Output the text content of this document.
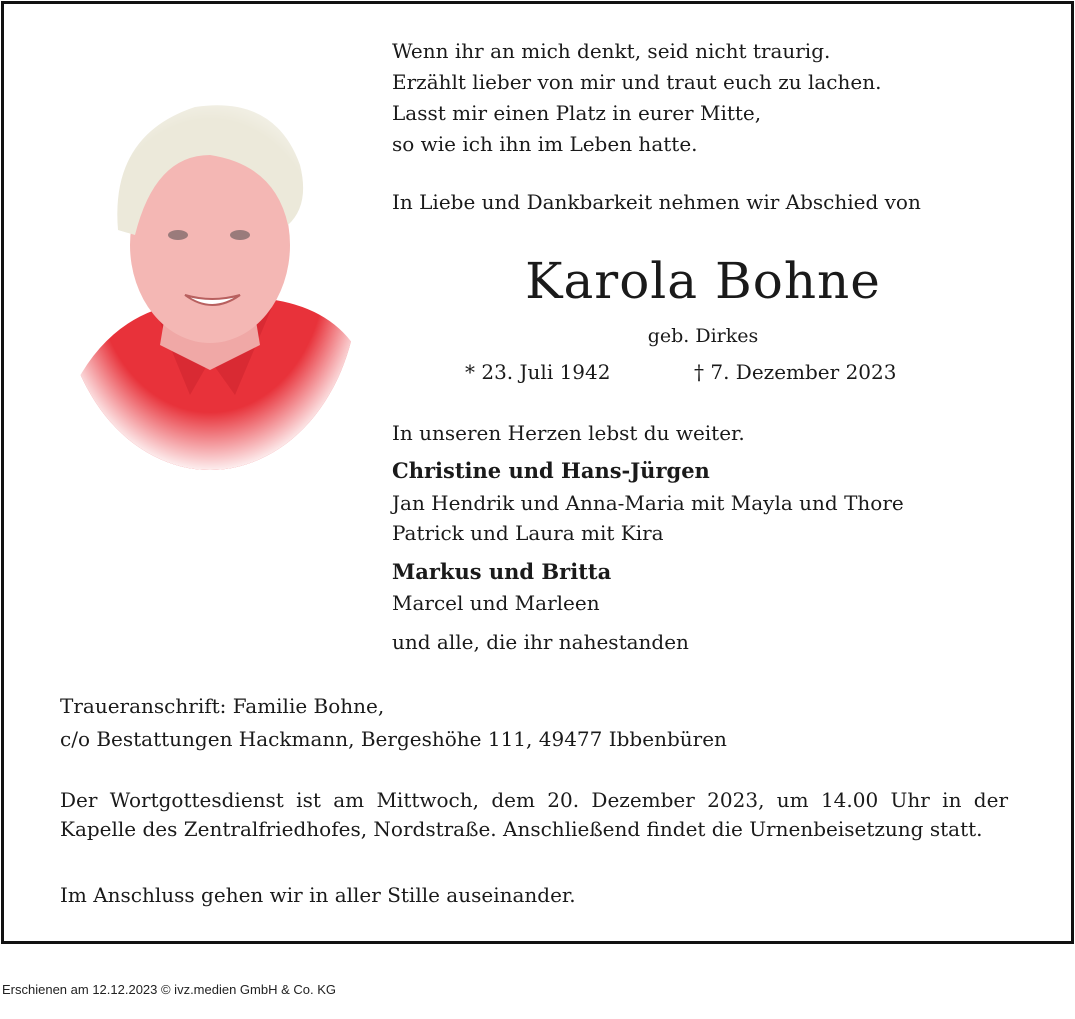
Wenn ihr an mich denkt, seid nicht traurig.
Erzählt lieber von mir und traut euch zu lachen.
Lasst mir einen Platz in eurer Mitte,
so wie ich ihn im Leben hatte.
In Liebe und Dankbarkeit nehmen wir Abschied von
Karola Bohne
geb. Dirkes
* 23. Juli 1942	† 7. Dezember 2023
In unseren Herzen lebst du weiter.
Christine und Hans-Jürgen
Jan Hendrik und Anna-Maria mit Mayla und Thore
Patrick und Laura mit Kira
Markus und Britta
Marcel und Marleen
und alle, die ihr nahestanden
Traueranschrift: Familie Bohne,
c/o Bestattungen Hackmann, Bergeshöhe 111, 49477 Ibbenbüren
Der Wortgottesdienst ist am Mittwoch, dem 20. Dezember 2023, um 14.00 Uhr in der Kapelle des Zentralfriedhofes, Nordstraße. Anschließend findet die Urnenbeisetzung statt.
Im Anschluss gehen wir in aller Stille auseinander.
Erschienen am 12.12.2023 © ivz.medien GmbH & Co. KG
